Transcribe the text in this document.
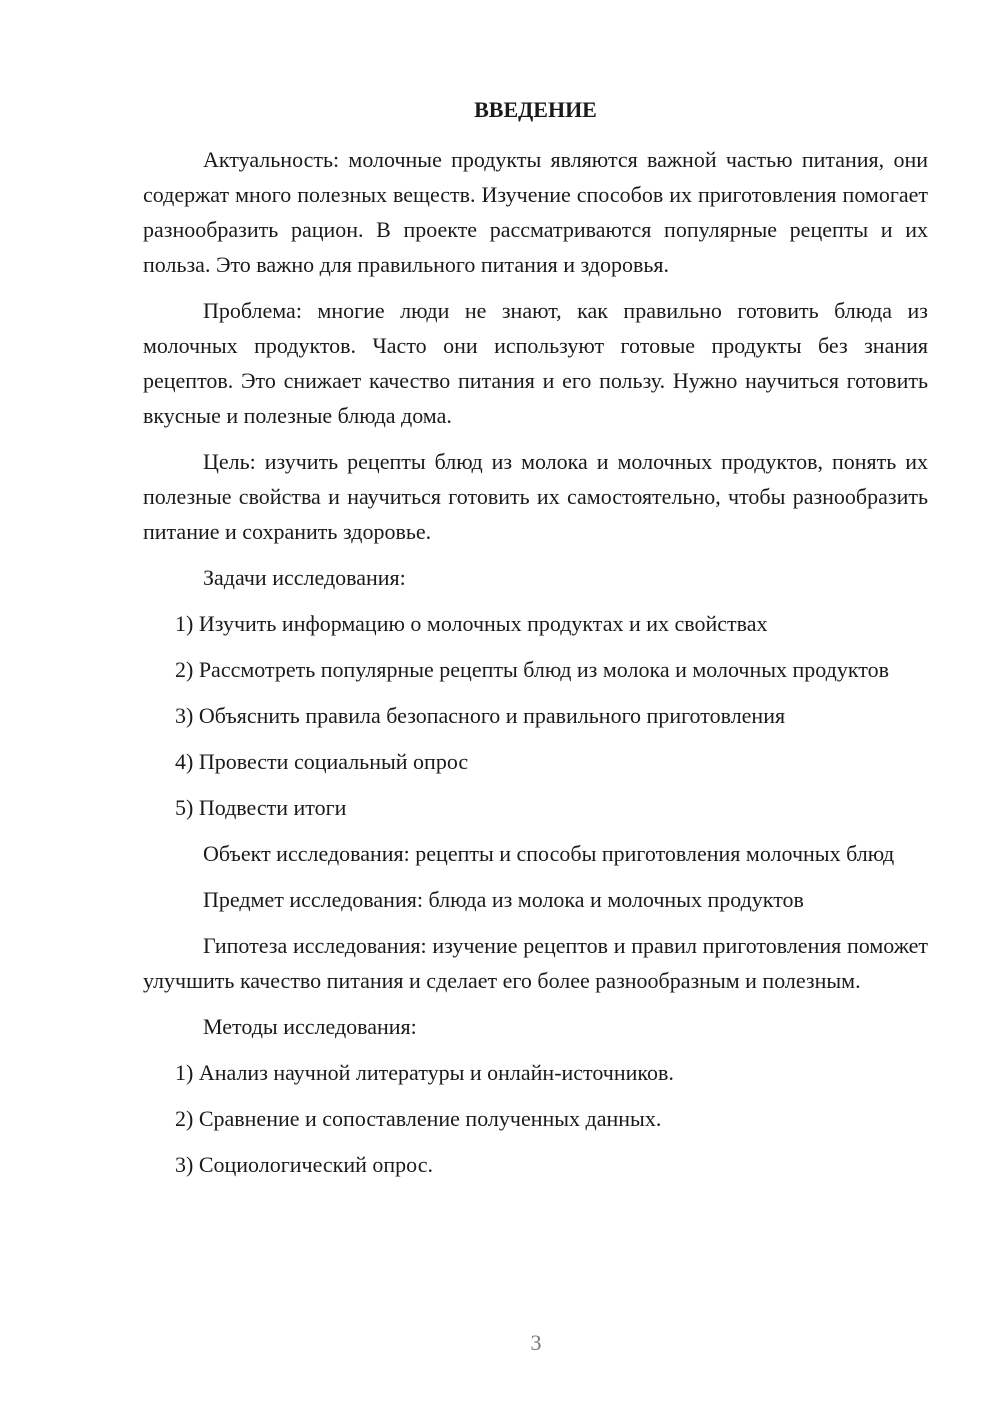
ВВЕДЕНИЕ
Актуальность: молочные продукты являются важной частью питания, они содержат много полезных веществ. Изучение способов их приготовления помогает разнообразить рацион. В проекте рассматриваются популярные рецепты и их польза. Это важно для правильного питания и здоровья.
Проблема: многие люди не знают, как правильно готовить блюда из молочных продуктов. Часто они используют готовые продукты без знания рецептов. Это снижает качество питания и его пользу. Нужно научиться готовить вкусные и полезные блюда дома.
Цель: изучить рецепты блюд из молока и молочных продуктов, понять их полезные свойства и научиться готовить их самостоятельно, чтобы разнообразить питание и сохранить здоровье.
Задачи исследования:
1) Изучить информацию о молочных продуктах и их свойствах
2) Рассмотреть популярные рецепты блюд из молока и молочных продуктов
3) Объяснить правила безопасного и правильного приготовления
4) Провести социальный опрос
5) Подвести итоги
Объект исследования: рецепты и способы приготовления молочных блюд
Предмет исследования: блюда из молока и молочных продуктов
Гипотеза исследования: изучение рецептов и правил приготовления поможет улучшить качество питания и сделает его более разнообразным и полезным.
Методы исследования:
1) Анализ научной литературы и онлайн-источников.
2) Сравнение и сопоставление полученных данных.
3) Социологический опрос.
3
